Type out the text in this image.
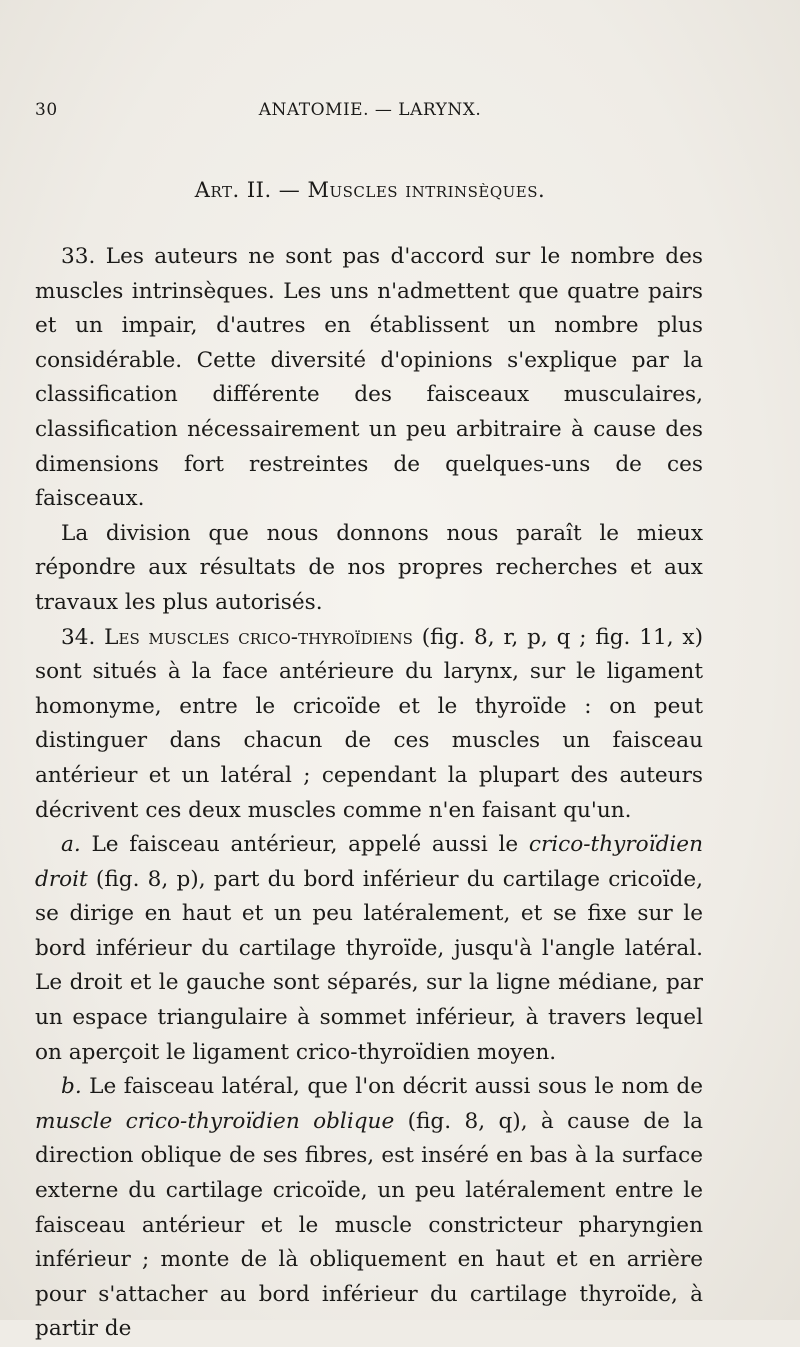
30	ANATOMIE. — LARYNX.
Art. II. — Muscles intrinsèques.

33. Les auteurs ne sont pas d'accord sur le nombre des muscles intrinsèques. Les uns n'admettent que quatre pairs et un impair, d'autres en établissent un nombre plus considérable. Cette diversité d'opinions s'explique par la classification différente des faisceaux musculaires, classification nécessairement un peu arbitraire à cause des dimensions fort restreintes de quelques-uns de ces faisceaux.

La division que nous donnons nous paraît le mieux répondre aux résultats de nos propres recherches et aux travaux les plus autorisés.

34. Les muscles crico-thyroïdiens (fig. 8, r, p, q ; fig. 11, x) sont situés à la face antérieure du larynx, sur le ligament homonyme, entre le cricoïde et le thyroïde : on peut distinguer dans chacun de ces muscles un faisceau antérieur et un latéral ; cependant la plupart des auteurs décrivent ces deux muscles comme n'en faisant qu'un.

a. Le faisceau antérieur, appelé aussi le crico-thyroïdien droit (fig. 8, p), part du bord inférieur du cartilage cricoïde, se dirige en haut et un peu latéralement, et se fixe sur le bord inférieur du cartilage thyroïde, jusqu'à l'angle latéral. Le droit et le gauche sont séparés, sur la ligne médiane, par un espace triangulaire à sommet inférieur, à travers lequel on aperçoit le ligament crico-thyroïdien moyen.

b. Le faisceau latéral, que l'on décrit aussi sous le nom de muscle crico-thyroïdien oblique (fig. 8, q), à cause de la direction oblique de ses fibres, est inséré en bas à la surface externe du cartilage cricoïde, un peu latéralement entre le faisceau antérieur et le muscle constricteur pharyngien inférieur ; monte de là obliquement en haut et en arrière pour s'attacher au bord inférieur du cartilage thyroïde, à partir de
